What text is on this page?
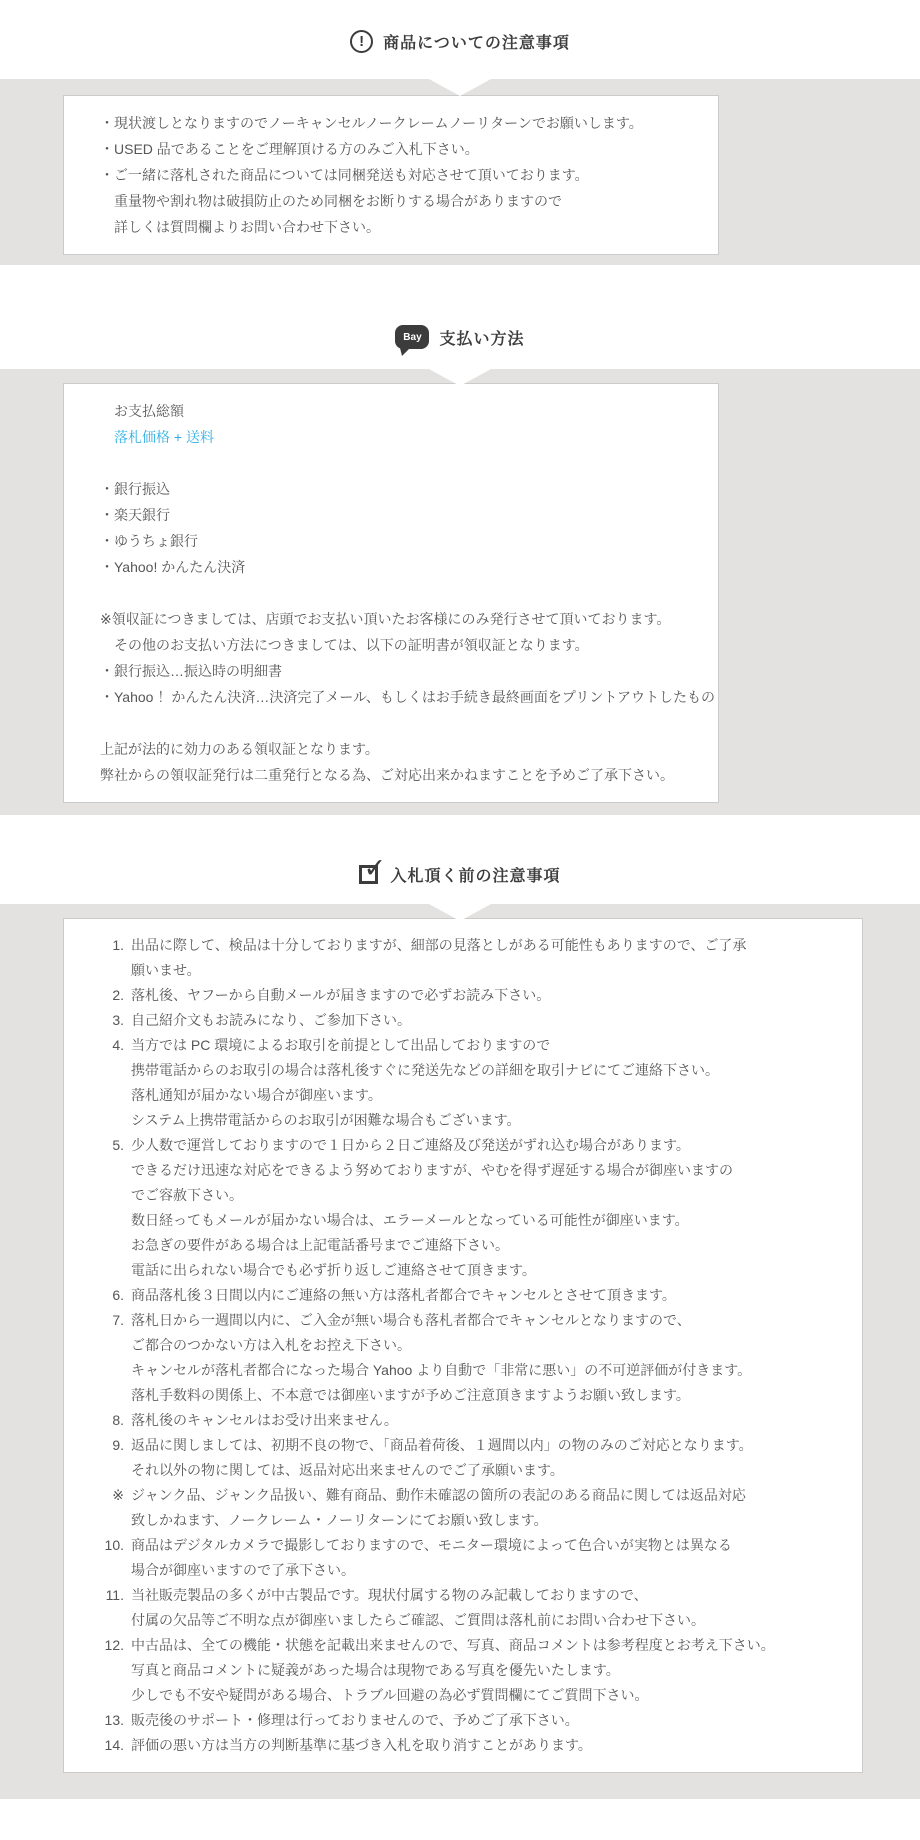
! 商品についての注意事項
・現状渡しとなりますのでノーキャンセルノークレームノーリターンでお願いします。
・USED 品であることをご理解頂ける方のみご入札下さい。
・ご一緒に落札された商品については同梱発送も対応させて頂いております。
重量物や割れ物は破損防止のため同梱をお断りする場合がありますので
詳しくは質問欄よりお問い合わせ下さい。
Bay 支払い方法
お支払総額
落札価格 + 送料
・銀行振込
・楽天銀行
・ゆうちょ銀行
・Yahoo! かんたん決済
※領収証につきましては、店頭でお支払い頂いたお客様にのみ発行させて頂いております。
その他のお支払い方法につきましては、以下の証明書が領収証となります。
・銀行振込…振込時の明細書
・Yahoo ！かんたん決済…決済完了メール、もしくはお手続き最終画面をプリントアウトしたもの
上記が法的に効力のある領収証となります。
弊社からの領収証発行は二重発行となる為、ご対応出来かねますことを予めご了承下さい。
✓ 入札頂く前の注意事項
1. 出品に際して、検品は十分しておりますが、細部の見落としがある可能性もありますので、ご了承
願いませ。
2. 落札後、ヤフーから自動メールが届きますので必ずお読み下さい。
3. 自己紹介文もお読みになり、ご参加下さい。
4. 当方では PC 環境によるお取引を前提として出品しておりますので
携帯電話からのお取引の場合は落札後すぐに発送先などの詳細を取引ナビにてご連絡下さい。
落札通知が届かない場合が御座います。
システム上携帯電話からのお取引が困難な場合もございます。
5. 少人数で運営しておりますので１日から２日ご連絡及び発送がずれ込む場合があります。
できるだけ迅速な対応をできるよう努めておりますが、やむを得ず遅延する場合が御座いますの
でご容赦下さい。
数日経ってもメールが届かない場合は、エラーメールとなっている可能性が御座います。
お急ぎの要件がある場合は上記電話番号までご連絡下さい。
電話に出られない場合でも必ず折り返しご連絡させて頂きます。
6. 商品落札後３日間以内にご連絡の無い方は落札者都合でキャンセルとさせて頂きます。
7. 落札日から一週間以内に、ご入金が無い場合も落札者都合でキャンセルとなりますので、
ご都合のつかない方は入札をお控え下さい。
キャンセルが落札者都合になった場合 Yahoo より自動で「非常に悪い」の不可逆評価が付きます。
落札手数料の関係上、不本意では御座いますが予めご注意頂きますようお願い致します。
8. 落札後のキャンセルはお受け出来ません。
9. 返品に関しましては、初期不良の物で、「商品着荷後、１週間以内」の物のみのご対応となります。
それ以外の物に関しては、返品対応出来ませんのでご了承願います。
※ ジャンク品、ジャンク品扱い、難有商品、動作未確認の箇所の表記のある商品に関しては返品対応
致しかねます、ノークレーム・ノーリターンにてお願い致します。
10. 商品はデジタルカメラで撮影しておりますので、モニター環境によって色合いが実物とは異なる
場合が御座いますので了承下さい。
11. 当社販売製品の多くが中古製品です。現状付属する物のみ記載しておりますので、
付属の欠品等ご不明な点が御座いましたらご確認、ご質問は落札前にお問い合わせ下さい。
12. 中古品は、全ての機能・状態を記載出来ませんので、写真、商品コメントは参考程度とお考え下さい。
写真と商品コメントに疑義があった場合は現物である写真を優先いたします。
少しでも不安や疑問がある場合、トラブル回避の為必ず質問欄にてご質問下さい。
13. 販売後のサポート・修理は行っておりませんので、予めご了承下さい。
14. 評価の悪い方は当方の判断基準に基づき入札を取り消すことがあります。
